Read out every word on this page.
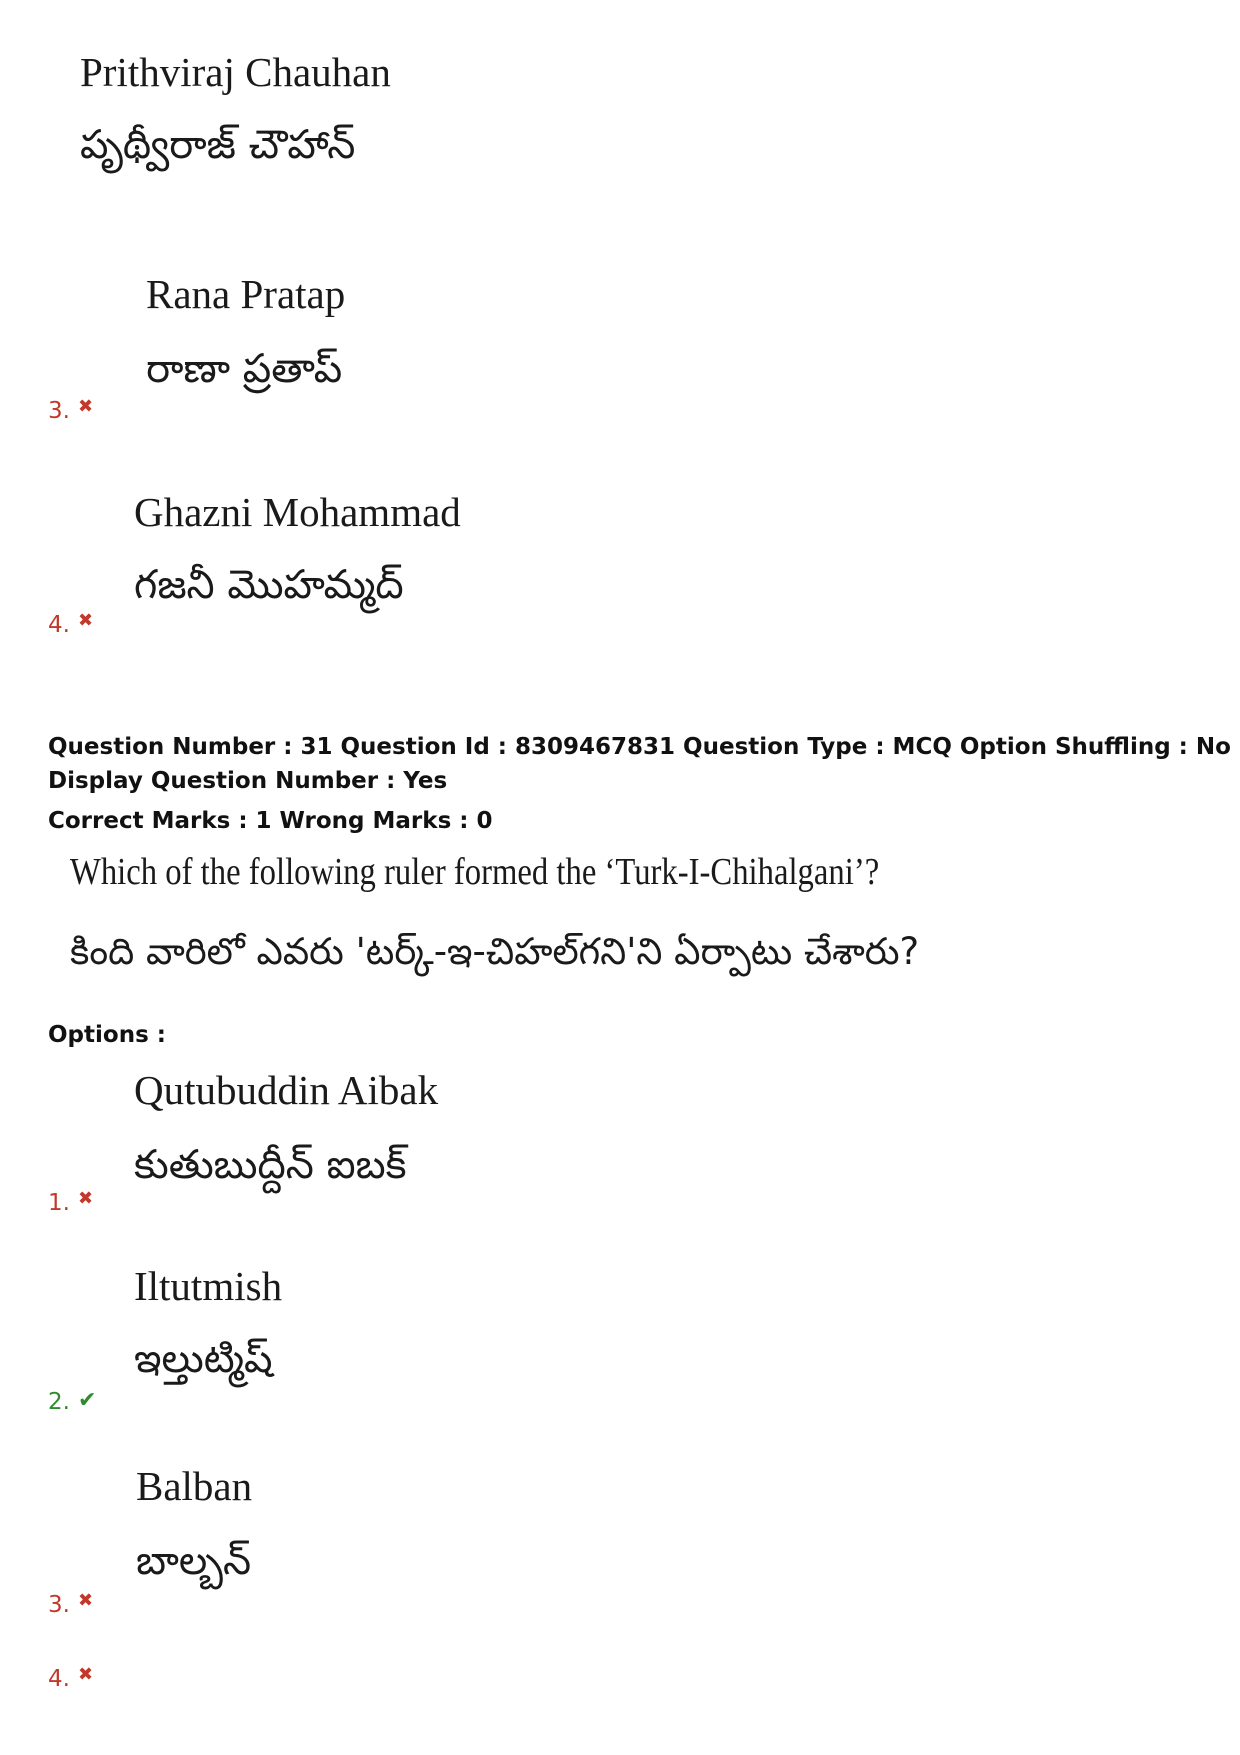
Prithviraj Chauhan
పృథ్వీరాజ్ చౌహాన్
Rana Pratap
రాణా ప్రతాప్
3. ✖
Ghazni Mohammad
గజనీ మొహమ్మద్
4. ✖
Question Number : 31 Question Id : 8309467831 Question Type : MCQ Option Shuffling : No
Display Question Number : Yes
Correct Marks : 1 Wrong Marks : 0
Which of the following ruler formed the ‘Turk-I-Chihalgani’?
కింది వారిలో ఎవరు 'టర్క్-ఇ-చిహల్‌గని'ని ఏర్పాటు చేశారు?
Options :
Qutubuddin Aibak
కుతుబుద్దీన్ ఐబక్
1. ✖
Iltutmish
ఇల్తుట్మిష్
2. ✔
Balban
బాల్బన్
3. ✖
4. ✖
